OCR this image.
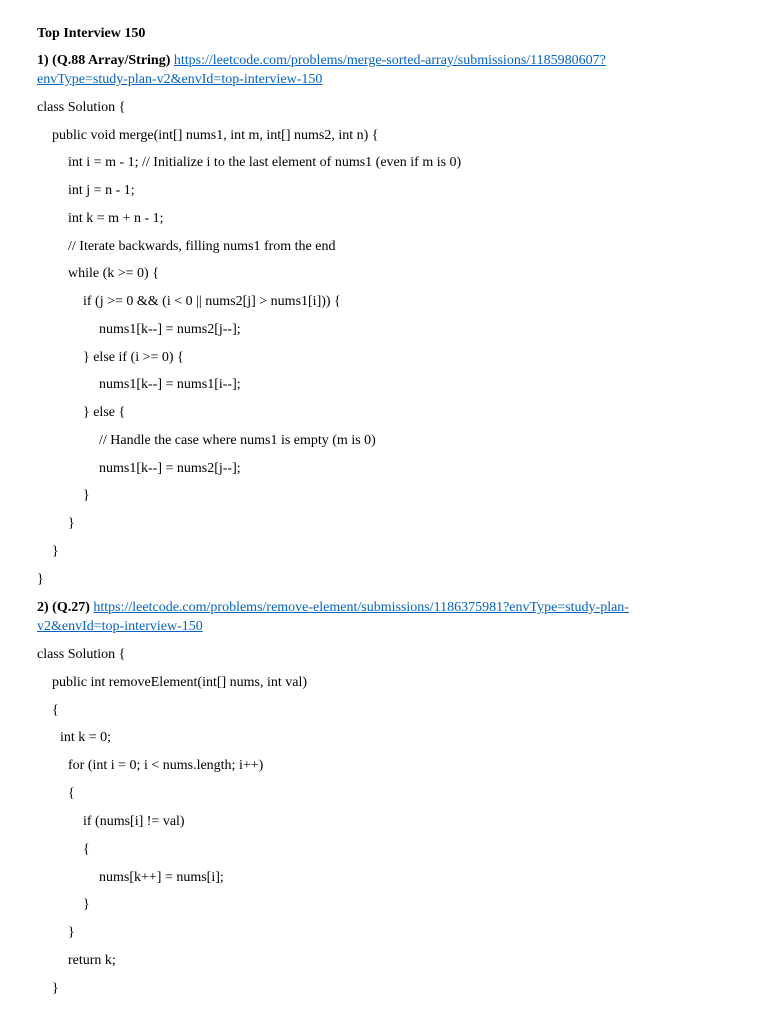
Top Interview 150
1) (Q.88 Array/String) https://leetcode.com/problems/merge-sorted-array/submissions/1185980607?
envType=study-plan-v2&envId=top-interview-150
class Solution {
public void merge(int[] nums1, int m, int[] nums2, int n) {
int i = m - 1; // Initialize i to the last element of nums1 (even if m is 0)
int j = n - 1;
int k = m + n - 1;
// Iterate backwards, filling nums1 from the end
while (k >= 0) {
if (j >= 0 && (i < 0 || nums2[j] > nums1[i])) {
nums1[k--] = nums2[j--];
} else if (i >= 0) {
nums1[k--] = nums1[i--];
} else {
// Handle the case where nums1 is empty (m is 0)
nums1[k--] = nums2[j--];
}
}
}
}
2) (Q.27) https://leetcode.com/problems/remove-element/submissions/1186375981?envType=study-plan-
v2&envId=top-interview-150
class Solution {
public int removeElement(int[] nums, int val)
{
int k = 0;
for (int i = 0; i < nums.length; i++)
{
if (nums[i] != val)
{
nums[k++] = nums[i];
}
}
return k;
}
